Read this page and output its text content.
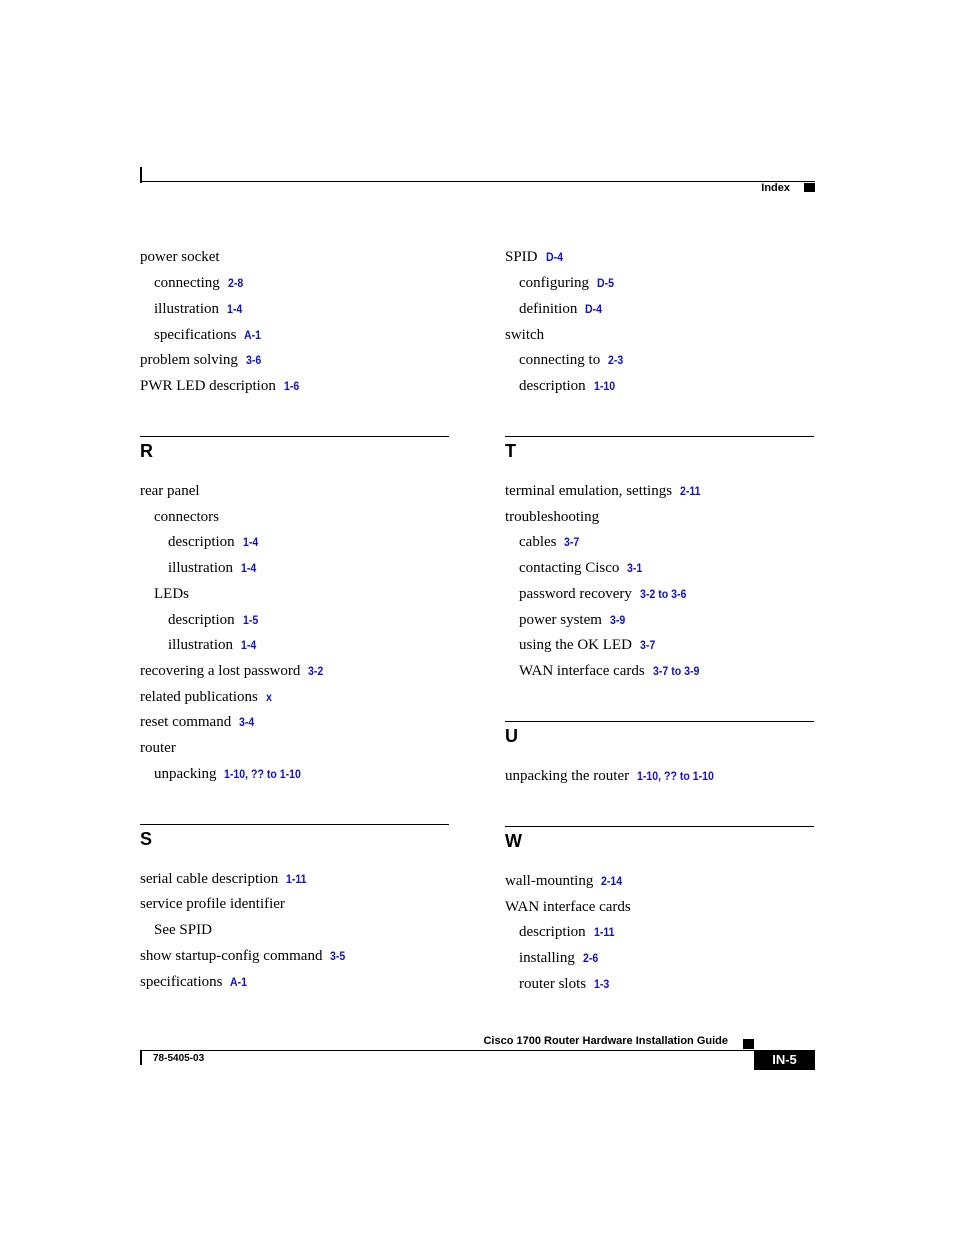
Index
power socket
connecting 2-8
illustration 1-4
specifications A-1
problem solving 3-6
PWR LED description 1-6
R
rear panel
connectors
description 1-4
illustration 1-4
LEDs
description 1-5
illustration 1-4
recovering a lost password 3-2
related publications x
reset command 3-4
router
unpacking 1-10, ?? to 1-10
S
serial cable description 1-11
service profile identifier
See SPID
show startup-config command 3-5
specifications A-1
SPID D-4
configuring D-5
definition D-4
switch
connecting to 2-3
description 1-10
T
terminal emulation, settings 2-11
troubleshooting
cables 3-7
contacting Cisco 3-1
password recovery 3-2 to 3-6
power system 3-9
using the OK LED 3-7
WAN interface cards 3-7 to 3-9
U
unpacking the router 1-10, ?? to 1-10
W
wall-mounting 2-14
WAN interface cards
description 1-11
installing 2-6
router slots 1-3
Cisco 1700 Router Hardware Installation Guide
78-5405-03	IN-5
